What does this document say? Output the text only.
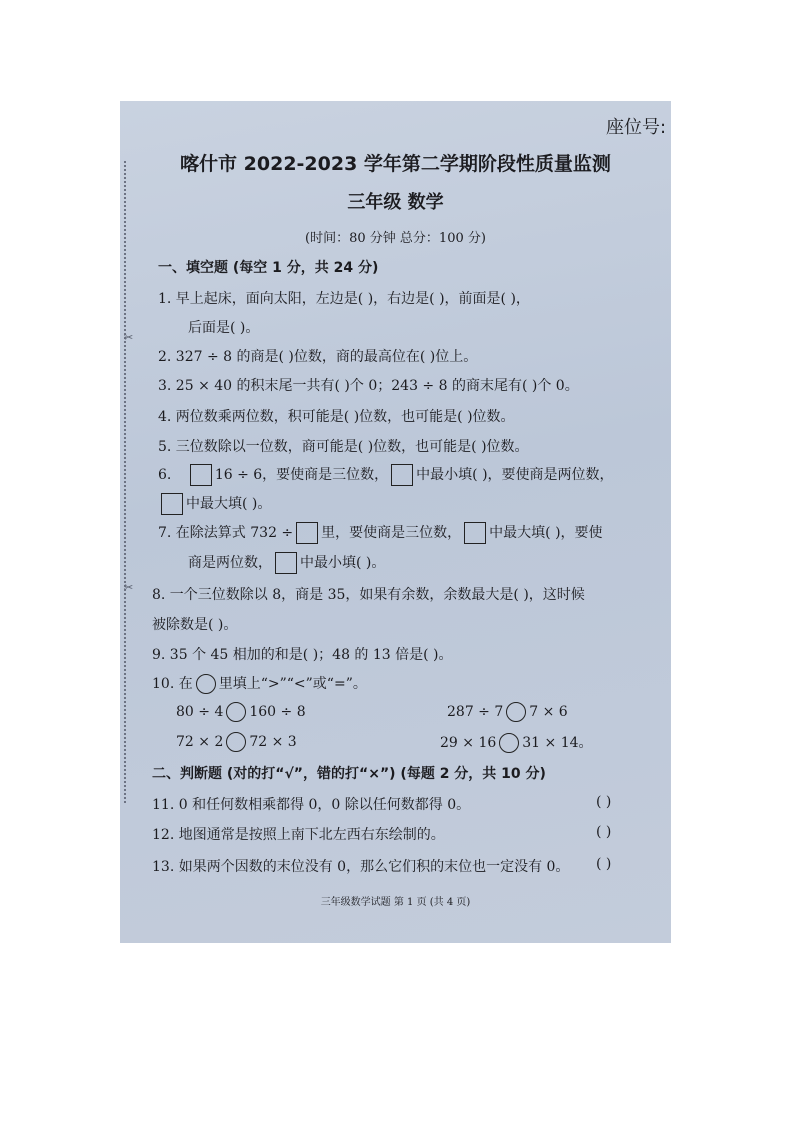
✂
✂
座位号:
喀什市 2022-2023 学年第二学期阶段性质量监测
三年级 数学
(时间：80 分钟 总分：100 分)
一、填空题 (每空 1 分，共 24 分)
1. 早上起床，面向太阳，左边是( )，右边是( )，前面是( )，
后面是( )。
2. 327 ÷ 8 的商是( )位数，商的最高位在( )位上。
3. 25 × 40 的积末尾一共有( )个 0；243 ÷ 8 的商末尾有( )个 0。
4. 两位数乘两位数，积可能是( )位数，也可能是( )位数。
5. 三位数除以一位数，商可能是( )位数，也可能是( )位数。
6.	16 ÷ 6，要使商是三位数， 中最小填( )，要使商是两位数，
中最大填( )。
7. 在除法算式 732 ÷ 里，要使商是三位数， 中最大填( )，要使
商是两位数， 中最小填( )。
8. 一个三位数除以 8，商是 35，如果有余数，余数最大是( )，这时候
被除数是( )。
9. 35 个 45 相加的和是( )；48 的 13 倍是( )。
10. 在 里填上“>”“<”或“=”。
80 ÷ 4 160 ÷ 8	287 ÷ 7 7 × 6
72 × 2 72 × 3	29 × 16 31 × 14。
二、判断题 (对的打“√”，错的打“×”) (每题 2 分，共 10 分)
11. 0 和任何数相乘都得 0，0 除以任何数都得 0。	( )
12. 地图通常是按照上南下北左西右东绘制的。	( )
13. 如果两个因数的末位没有 0，那么它们积的末位也一定没有 0。 ( )
三年级数学试题 第 1 页 (共 4 页)
